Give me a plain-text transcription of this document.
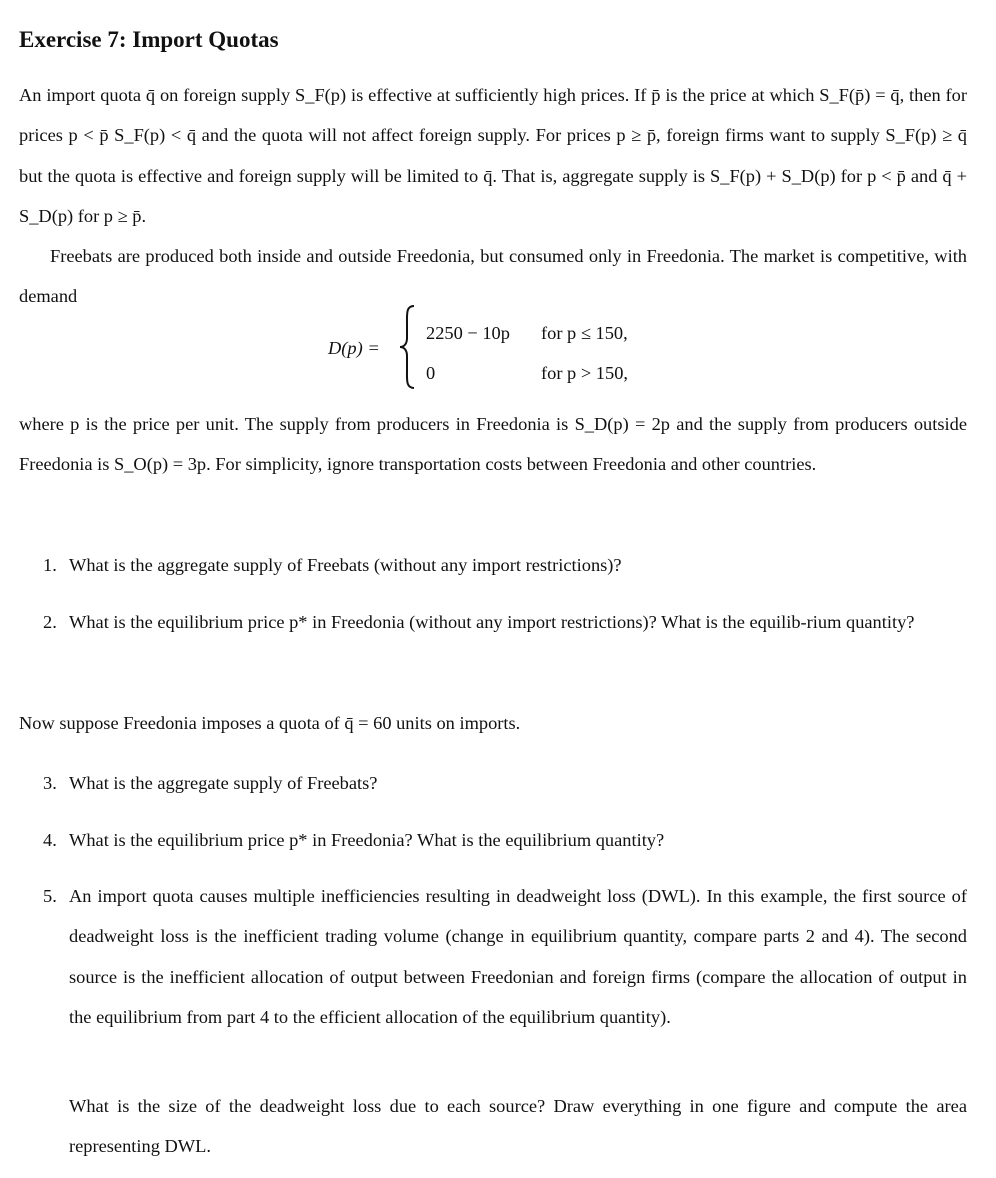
Exercise 7: Import Quotas

An import quota q̄ on foreign supply S_F(p) is effective at sufficiently high prices. If p̄ is the price at which S_F(p̄) = q̄, then for prices p < p̄ S_F(p) < q̄ and the quota will not affect foreign supply. For prices p ≥ p̄, foreign firms want to supply S_F(p) ≥ q̄ but the quota is effective and foreign supply will be limited to q̄. That is, aggregate supply is S_F(p) + S_D(p) for p < p̄ and q̄ + S_D(p) for p ≥ p̄.

Freebats are produced both inside and outside Freedonia, but consumed only in Freedonia. The market is competitive, with demand

D(p) =
2250 − 10p for p ≤ 150,
0	for p > 150,

where p is the price per unit. The supply from producers in Freedonia is S_D(p) = 2p and the supply from producers outside Freedonia is S_O(p) = 3p. For simplicity, ignore transportation costs between Freedonia and other countries.

1. What is the aggregate supply of Freebats (without any import restrictions)?
2. What is the equilibrium price p* in Freedonia (without any import restrictions)? What is the equilib-rium quantity?

Now suppose Freedonia imposes a quota of q̄ = 60 units on imports.

3. What is the aggregate supply of Freebats?
4. What is the equilibrium price p* in Freedonia? What is the equilibrium quantity?
5. An import quota causes multiple inefficiencies resulting in deadweight loss (DWL). In this example, the first source of deadweight loss is the inefficient trading volume (change in equilibrium quantity, compare parts 2 and 4). The second source is the inefficient allocation of output between Freedonian and foreign firms (compare the allocation of output in the equilibrium from part 4 to the efficient allocation of the equilibrium quantity).

What is the size of the deadweight loss due to each source? Draw everything in one figure and compute the area representing DWL.
